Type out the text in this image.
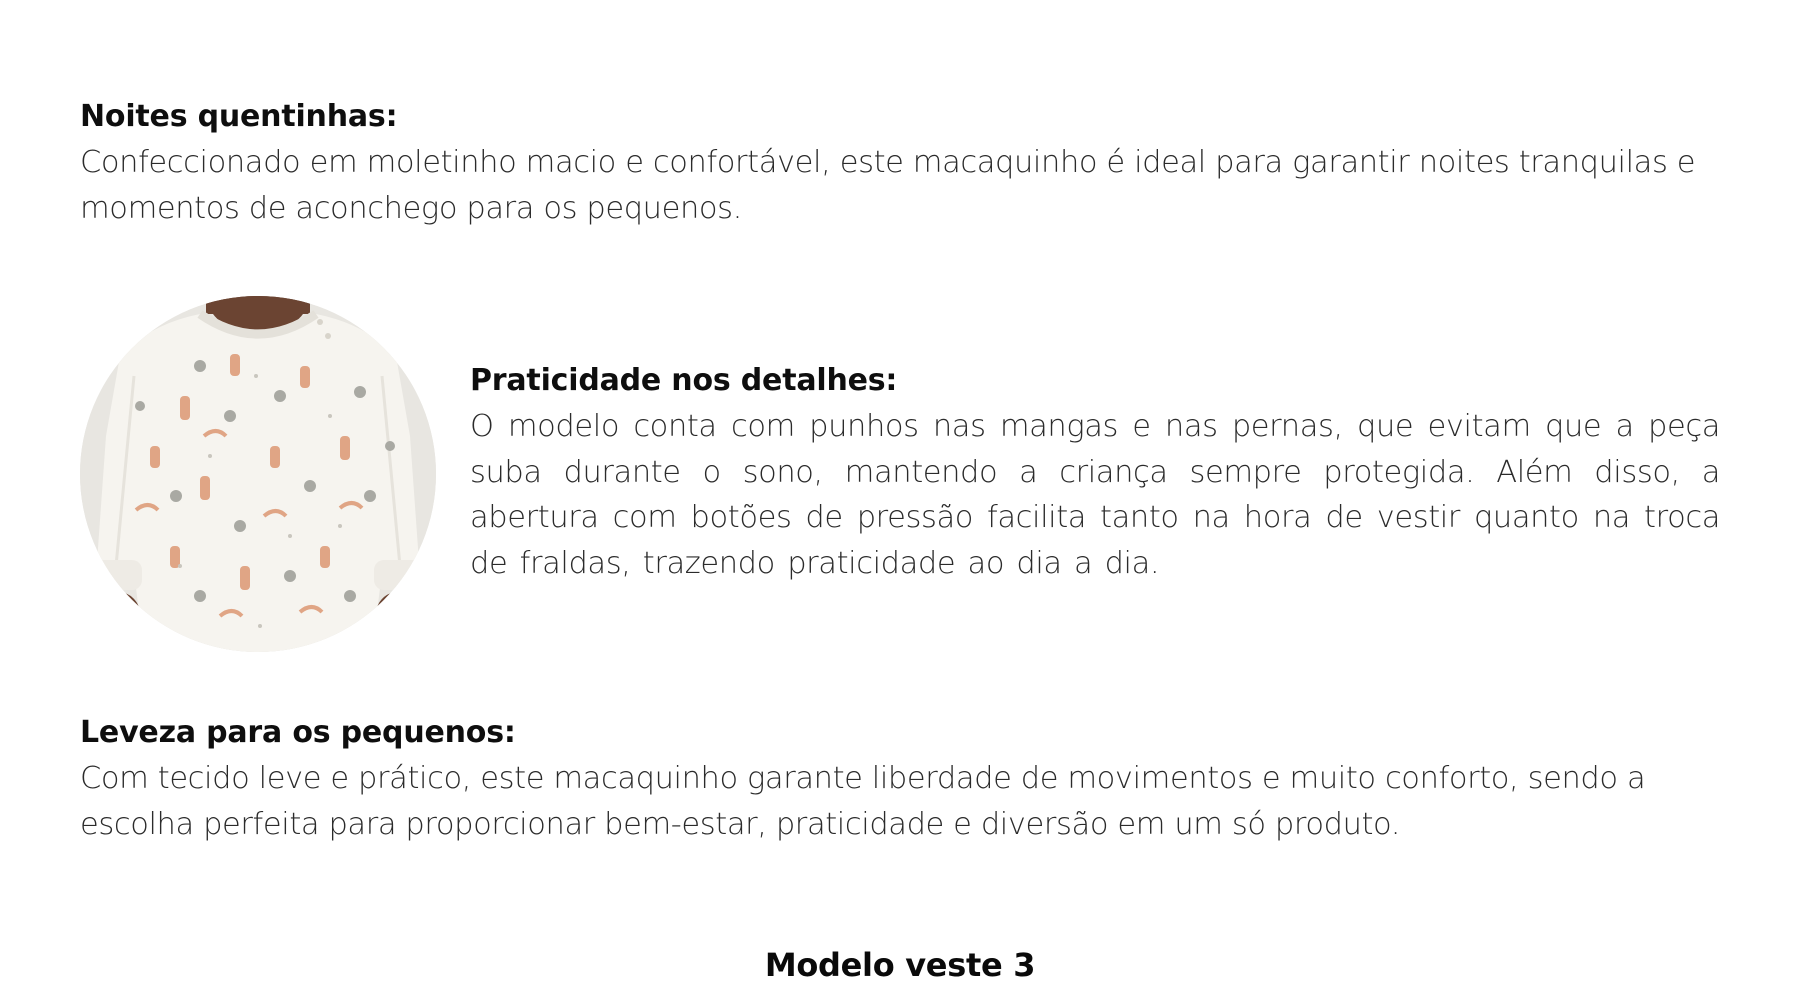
Noites quentinhas:

Confeccionado em moletinho macio e confortável, este macaquinho é ideal para garantir noites tranquilas e momentos de aconchego para os pequenos.

Praticidade nos detalhes:

O modelo conta com punhos nas mangas e nas pernas, que evitam que a peça suba durante o sono, mantendo a criança sempre protegida. Além disso, a abertura com botões de pressão facilita tanto na hora de vestir quanto na troca de fraldas, trazendo praticidade ao dia a dia.

Leveza para os pequenos:

Com tecido leve e prático, este macaquinho garante liberdade de movimentos e muito conforto, sendo a escolha perfeita para proporcionar bem-estar, praticidade e diversão em um só produto.

Modelo veste 3
